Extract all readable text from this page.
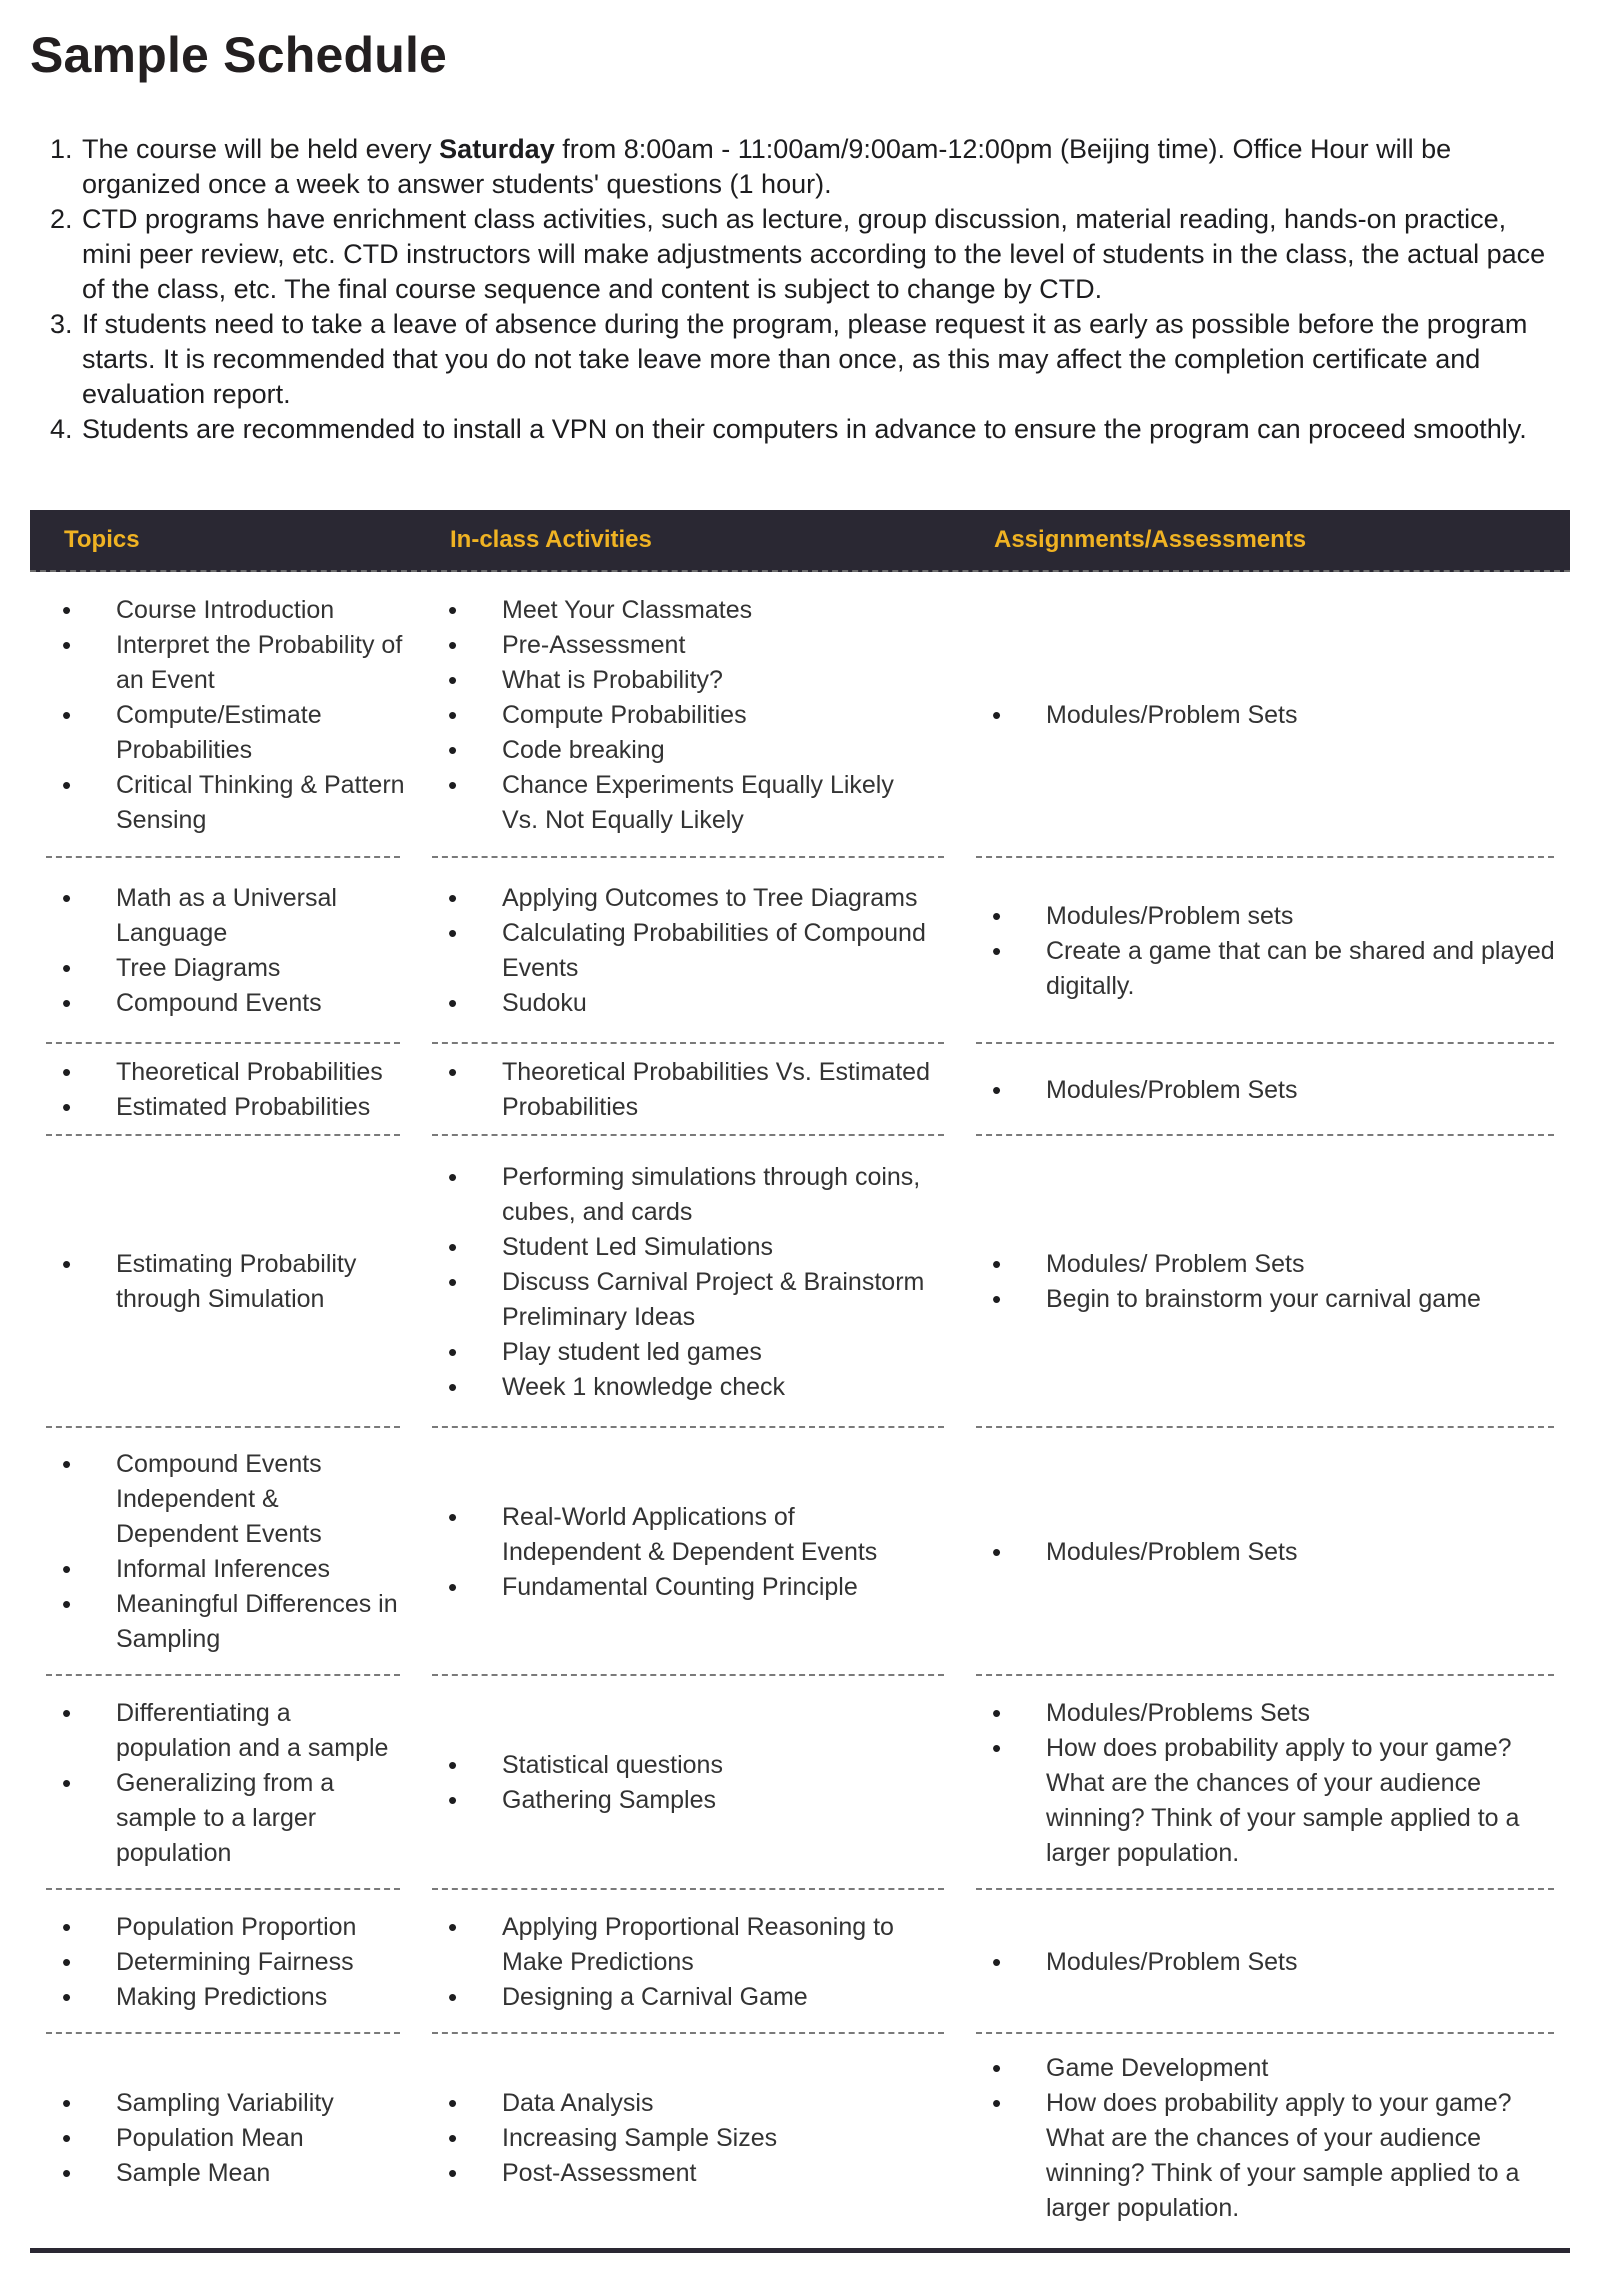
Sample Schedule
1. The course will be held every Saturday from 8:00am - 11:00am/9:00am-12:00pm (Beijing time). Office Hour will be organized once a week to answer students' questions (1 hour).
2. CTD programs have enrichment class activities, such as lecture, group discussion, material reading, hands-on practice, mini peer review, etc. CTD instructors will make adjustments according to the level of students in the class, the actual pace of the class, etc. The final course sequence and content is subject to change by CTD.
3. If students need to take a leave of absence during the program, please request it as early as possible before the program starts. It is recommended that you do not take leave more than once, as this may affect the completion certificate and evaluation report.
4. Students are recommended to install a VPN on their computers in advance to ensure the program can proceed smoothly.
Topics	In-class Activities	Assignments/Assessments
• Course Introduction
• Interpret the Probability of an Event
• Compute/Estimate Probabilities
• Critical Thinking & Pattern Sensing
• Meet Your Classmates
• Pre-Assessment
• What is Probability?
• Compute Probabilities
• Code breaking
• Chance Experiments Equally Likely Vs. Not Equally Likely
• Modules/Problem Sets
• Math as a Universal Language
• Tree Diagrams
• Compound Events
• Applying Outcomes to Tree Diagrams
• Calculating Probabilities of Compound Events
• Sudoku
• Modules/Problem sets
• Create a game that can be shared and played digitally.
• Theoretical Probabilities
• Estimated Probabilities
• Theoretical Probabilities Vs. Estimated Probabilities
• Modules/Problem Sets
• Estimating Probability through Simulation
• Performing simulations through coins, cubes, and cards
• Student Led Simulations
• Discuss Carnival Project & Brainstorm Preliminary Ideas
• Play student led games
• Week 1 knowledge check
• Modules/ Problem Sets
• Begin to brainstorm your carnival game
• Compound Events Independent & Dependent Events
• Informal Inferences
• Meaningful Differences in Sampling
• Real-World Applications of Independent & Dependent Events
• Fundamental Counting Principle
• Modules/Problem Sets
• Differentiating a population and a sample
• Generalizing from a sample to a larger population
• Statistical questions
• Gathering Samples
• Modules/Problems Sets
• How does probability apply to your game? What are the chances of your audience winning? Think of your sample applied to a larger population.
• Population Proportion
• Determining Fairness
• Making Predictions
• Applying Proportional Reasoning to Make Predictions
• Designing a Carnival Game
• Modules/Problem Sets
• Sampling Variability
• Population Mean
• Sample Mean
• Data Analysis
• Increasing Sample Sizes
• Post-Assessment
• Game Development
• How does probability apply to your game? What are the chances of your audience winning? Think of your sample applied to a larger population.
